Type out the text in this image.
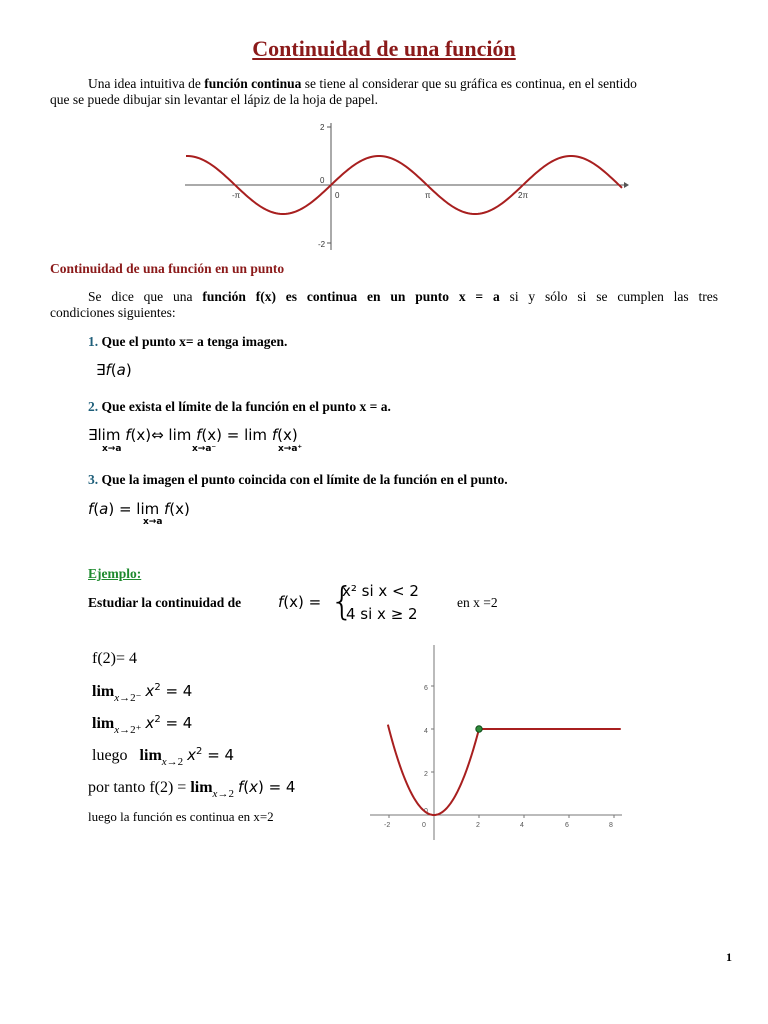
Continuidad de una función
Una idea intuitiva de función continua se tiene al considerar que su gráfica es continua, en el sentido
que se puede dibujar sin levantar el lápiz de la hoja de papel.
2
0
-2
-π	0	π	2π
Continuidad de una función en un punto
Se dice que una función f(x) es continua en un punto x = a si y sólo si se cumplen las tres
condiciones siguientes:
1. Que el punto x= a tenga imagen.
∃f(a)
2. Que exista el límite de la función en el punto x = a.
∃lim f(x)⇔ lim f(x) = lim f(x)
x→a	x→a⁻	x→a⁺
3. Que la imagen el punto coincida con el límite de la función en el punto.
f(a) = lim f(x)
x→a
Ejemplo:
Estudiar la continuidad de f(x) = {
x² si x < 2
4 si x ≥ 2
en x =2
f(2)= 4
$\lim_{x\to 2^-} x^2 = 4$
$\lim_{x\to 2^+} x^2 = 4$
luego $\lim_{x\to 2} x^2 = 4$
por tanto $f(2) = \lim_{x\to 2} f(x) = 4$
luego la función es continua en x=2
-2	0	2	4	6	8
6
4
2
0
1
